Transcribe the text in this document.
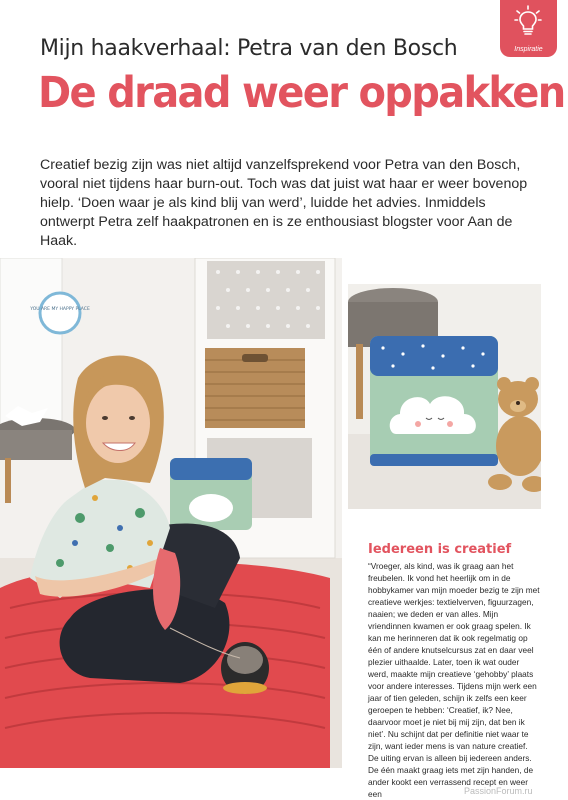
Inspiratie
Mijn haakverhaal: Petra van den Bosch
De draad weer oppakken

Creatief bezig zijn was niet altijd vanzelfsprekend voor Petra van den Bosch, vooral niet tijdens haar burn-out. Toch was dat juist wat haar er weer bovenop hielp. ‘Doen waar je als kind blij van werd’, luidde het advies. Inmiddels ontwerpt Petra zelf haakpatronen en is ze enthousiast blogster voor Aan de Haak.

YOU ARE MY HAPPY PLACE
Iedereen is creatief

“Vroeger, als kind, was ik graag aan het freubelen. Ik vond het heerlijk om in de hobbykamer van mijn moeder bezig te zijn met creatieve werkjes: textielverven, figuurzagen, naaien; we deden er van alles. Mijn vriendinnen kwamen er ook graag spelen. Ik kan me herinneren dat ik ook regelmatig op één of andere knutselcursus zat en daar veel plezier uithaalde. Later, toen ik wat ouder werd, maakte mijn creatieve ‘gehobby’ plaats voor andere interesses. Tijdens mijn werk een jaar of tien geleden, schijn ik zelfs een keer geroepen te hebben: ‘Creatief, ik? Nee, daarvoor moet je niet bij mij zijn, dat ben ik niet’. Nu schijnt dat per definitie niet waar te zijn, want ieder mens is van nature creatief. De uiting ervan is alleen bij iedereen anders. De één maakt graag iets met zijn handen, de ander kookt een verrassend recept en weer een	PassionForum.ru
